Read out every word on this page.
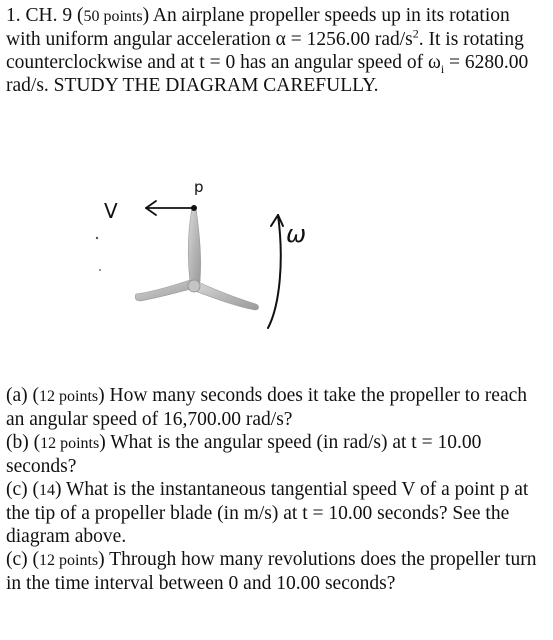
1. CH. 9 (50 points) An airplane propeller speeds up in its rotation with uniform angular acceleration α = 1256.00 rad/$s^2$. It is rotating counterclockwise and at t = 0 has an angular speed of $\omega_i = 6280.00$ rad/s. STUDY THE DIAGRAM CAREFULLY.

V
p
ω
(a) (12 points) How many seconds does it take the propeller to reach an angular speed of 16,700.00 rad/s?
(b) (12 points) What is the angular speed (in rad/s) at t = 10.00 seconds?
(c) (14) What is the instantaneous tangential speed V of a point p at the tip of a propeller blade (in m/s) at t = 10.00 seconds? See the diagram above.
(c) (12 points) Through how many revolutions does the propeller turn in the time interval between 0 and 10.00 seconds?
